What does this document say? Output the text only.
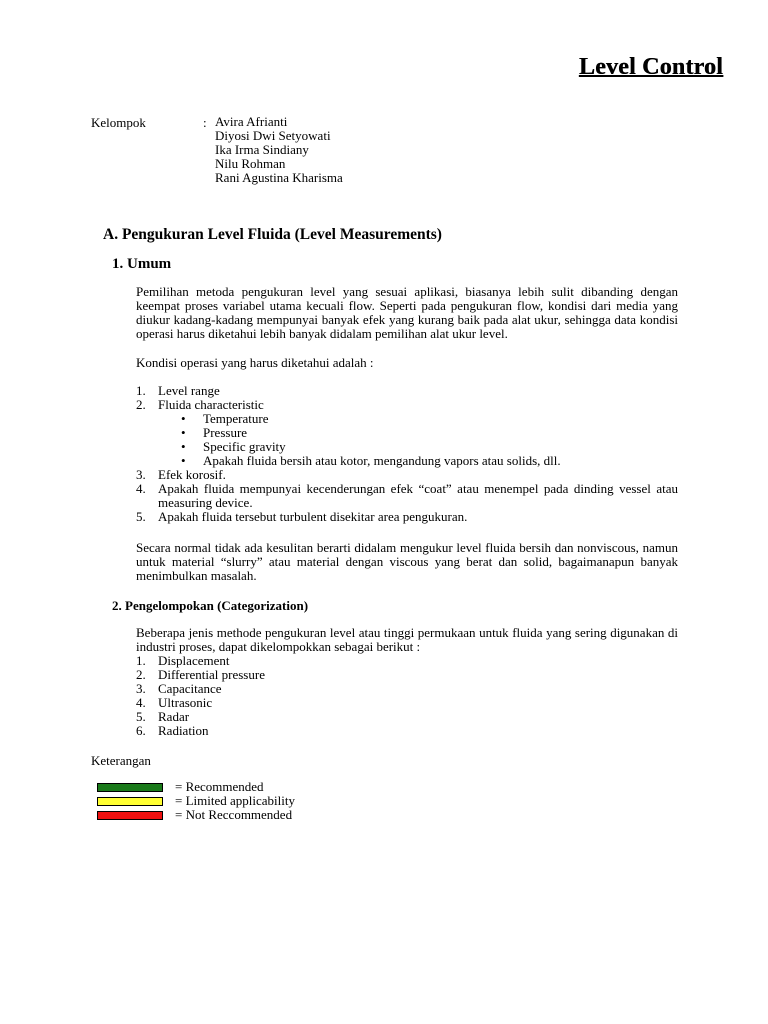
Level Control
Kelompok	: Avira Afrianti
Diyosi Dwi Setyowati
Ika Irma Sindiany
Nilu Rohman
Rani Agustina Kharisma
A. Pengukuran Level Fluida (Level Measurements)
1. Umum
Pemilihan metoda pengukuran level yang sesuai aplikasi, biasanya lebih sulit dibanding dengan keempat proses variabel utama kecuali flow. Seperti pada pengukuran flow, kondisi dari media yang diukur kadang-kadang mempunyai banyak efek yang kurang baik pada alat ukur, sehingga data kondisi operasi harus diketahui lebih banyak didalam pemilihan alat ukur level.
Kondisi operasi yang harus diketahui adalah :
1. Level range
2. Fluida characteristic
• Temperature
• Pressure
• Specific gravity
• Apakah fluida bersih atau kotor, mengandung vapors atau solids, dll.
3. Efek korosif.
4. Apakah fluida mempunyai kecenderungan efek “coat” atau menempel pada dinding vessel atau measuring device.
5. Apakah fluida tersebut turbulent disekitar area pengukuran.
Secara normal tidak ada kesulitan berarti didalam mengukur level fluida bersih dan nonviscous, namun untuk material “slurry” atau material dengan viscous yang berat dan solid, bagaimanapun banyak menimbulkan masalah.
2. Pengelompokan (Categorization)
Beberapa jenis methode pengukuran level atau tinggi permukaan untuk fluida yang sering digunakan di industri proses, dapat dikelompokkan sebagai berikut :
1. Displacement
2. Differential pressure
3. Capacitance
4. Ultrasonic
5. Radar
6. Radiation
Keterangan
= Recommended
= Limited applicability
= Not Reccommended
